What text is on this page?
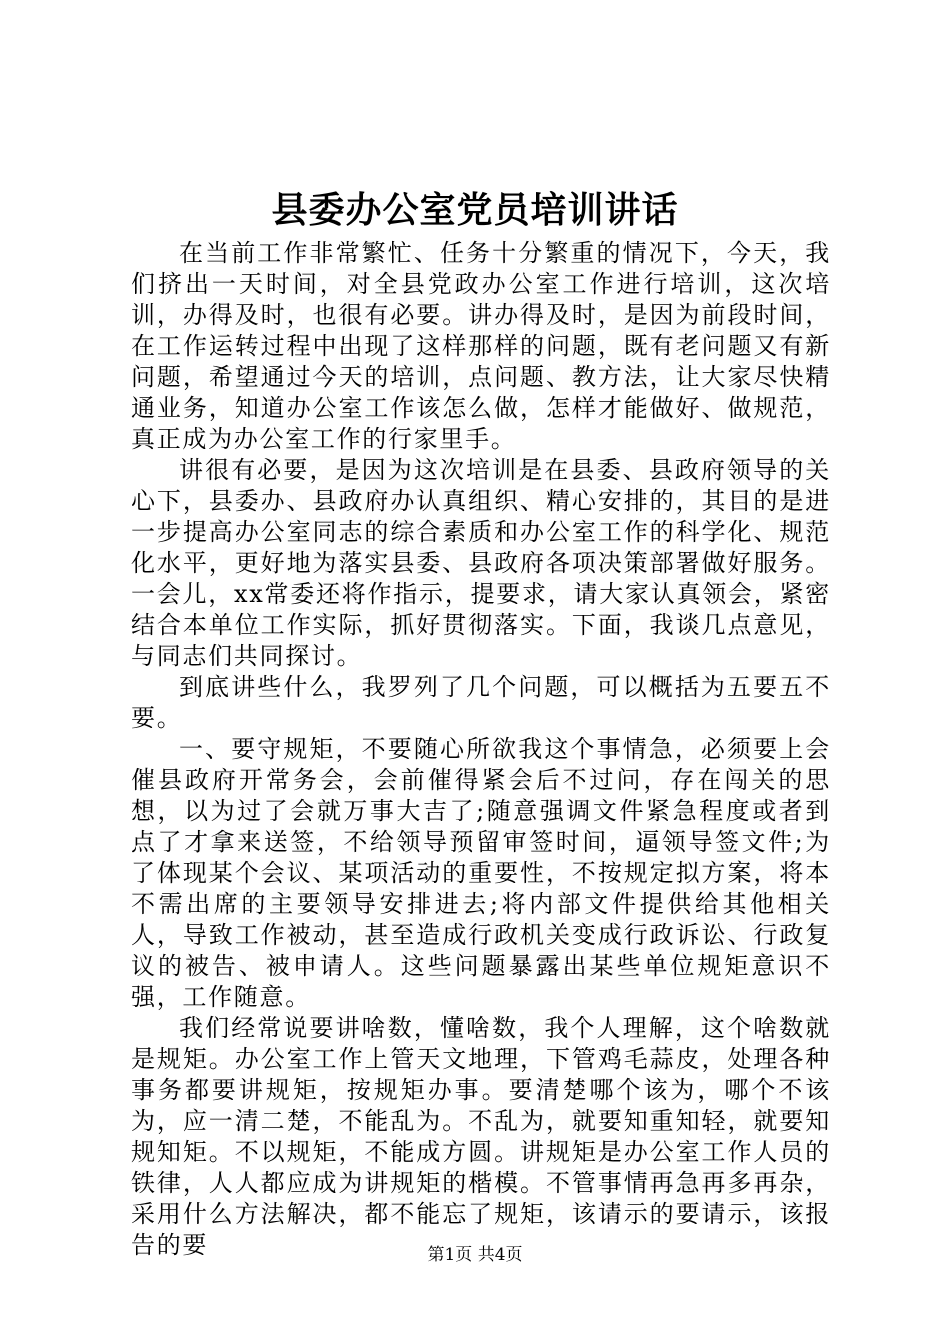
县委办公室党员培训讲话

在当前工作非常繁忙、任务十分繁重的情况下，今天，我们挤出一天时间，对全县党政办公室工作进行培训，这次培训，办得及时，也很有必要。讲办得及时，是因为前段时间，在工作运转过程中出现了这样那样的问题，既有老问题又有新问题，希望通过今天的培训，点问题、教方法，让大家尽快精通业务，知道办公室工作该怎么做，怎样才能做好、做规范，真正成为办公室工作的行家里手。

讲很有必要，是因为这次培训是在县委、县政府领导的关心下，县委办、县政府办认真组织、精心安排的，其目的是进一步提高办公室同志的综合素质和办公室工作的科学化、规范化水平，更好地为落实县委、县政府各项决策部署做好服务。一会儿，xx常委还将作指示，提要求，请大家认真领会，紧密结合本单位工作实际，抓好贯彻落实。下面，我谈几点意见，与同志们共同探讨。

到底讲些什么，我罗列了几个问题，可以概括为五要五不要。

一、要守规矩，不要随心所欲我这个事情急，必须要上会催县政府开常务会，会前催得紧会后不过问，存在闯关的思想，以为过了会就万事大吉了;随意强调文件紧急程度或者到点了才拿来送签，不给领导预留审签时间，逼领导签文件;为了体现某个会议、某项活动的重要性，不按规定拟方案，将本不需出席的主要领导安排进去;将内部文件提供给其他相关人，导致工作被动，甚至造成行政机关变成行政诉讼、行政复议的被告、被申请人。这些问题暴露出某些单位规矩意识不强，工作随意。

我们经常说要讲啥数，懂啥数，我个人理解，这个啥数就是规矩。办公室工作上管天文地理，下管鸡毛蒜皮，处理各种事务都要讲规矩，按规矩办事。要清楚哪个该为，哪个不该为，应一清二楚，不能乱为。不乱为，就要知重知轻，就要知规知矩。不以规矩，不能成方圆。讲规矩是办公室工作人员的铁律，人人都应成为讲规矩的楷模。不管事情再急再多再杂，采用什么方法解决，都不能忘了规矩，该请示的要请示，该报告的要	第1页 共4页
